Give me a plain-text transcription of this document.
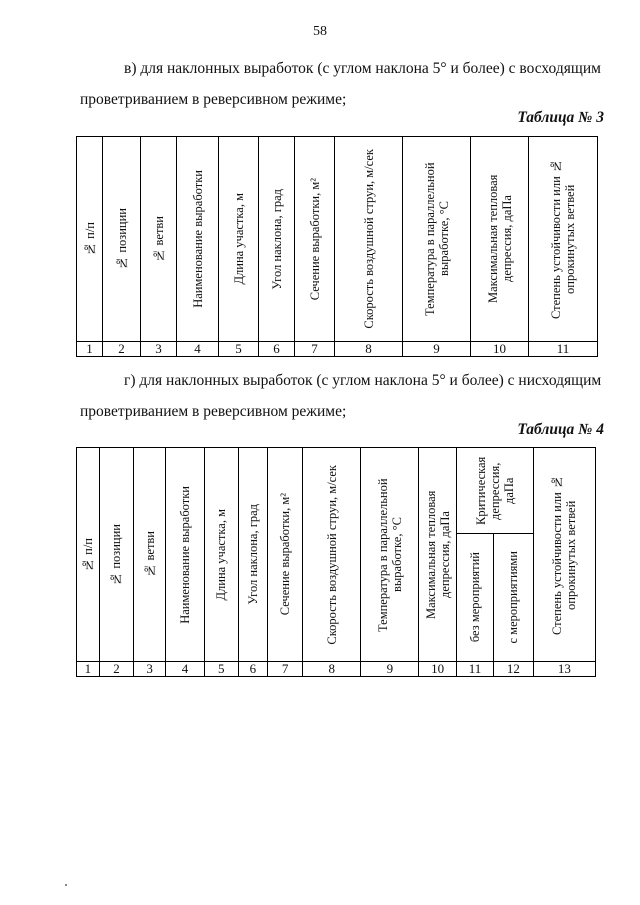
58

в) для наклонных выработок (с углом наклона 5° и более) с восходящим
проветриванием в реверсивном режиме;

Таблица № 3
№ п/п	№ позиции	№ ветви	Наименование выработки	Длина участка, м	Угол наклона, град	Сечение выработки, м²	Скорость воздушной струи, м/сек	Температура в параллельной выработке, °С	Максимальная тепловая депрессия, даПа	Степень устойчивости или № опрокинутых ветвей

1	2	3	4	5	6	7	8	9	10	11

г) для наклонных выработок (с углом наклона 5° и более) с нисходящим
проветриванием в реверсивном режиме;

Таблица № 4
№ п/п	№ позиции	№ ветви	Наименование выработки	Длина участка, м	Угол наклона, град	Сечение выработки, м²	Скорость воздушной струи, м/сек	Температура в параллельной выработке, °С	Максимальная тепловая депрессия, даПа	Критическая депрессия, даПа		Степень устойчивости или № опрокинутых ветвей

										без мероприятий	с мероприятиями	

1	2	3	4	5	6	7	8	9	10	11	12	13
